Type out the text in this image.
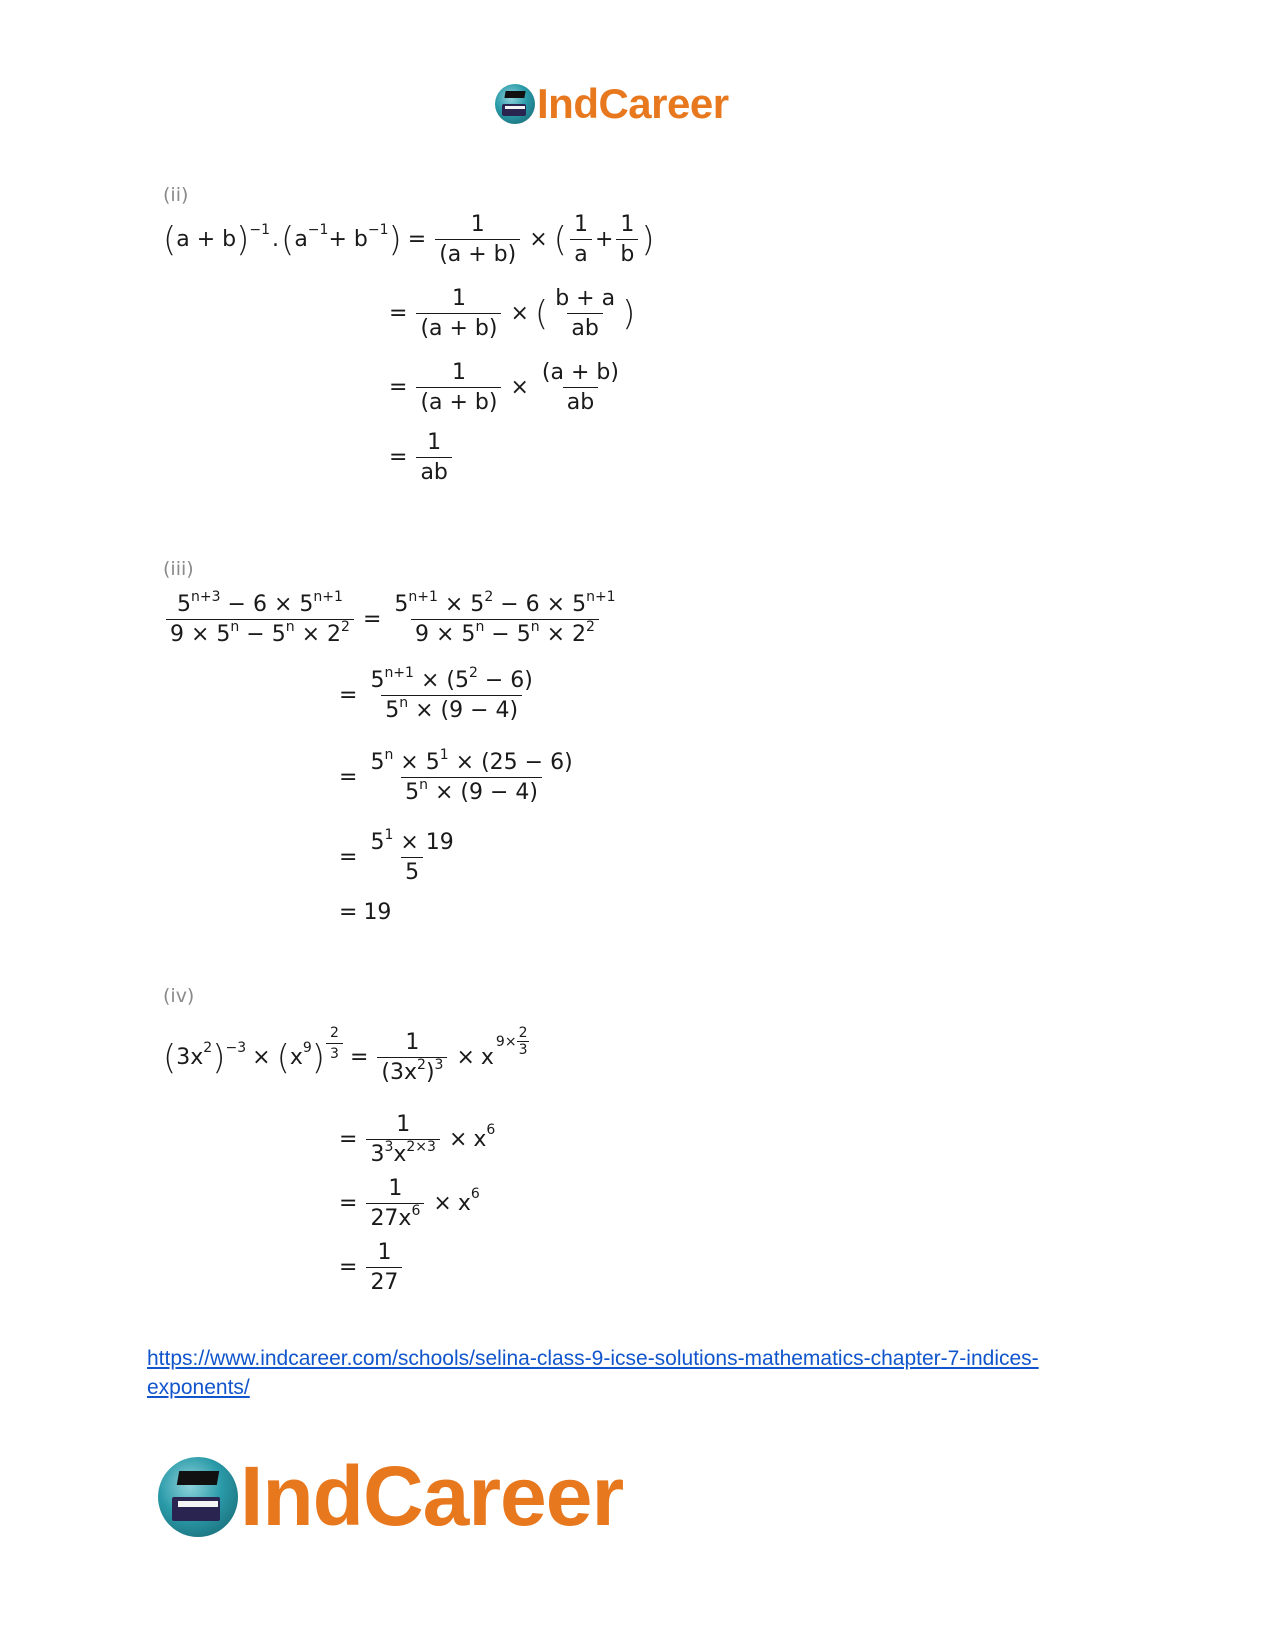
IndCareer
(ii)
( a + b ) −1 . ( a −1 + b −1 ) = $\frac{1}{(a + b)}$ × ( $\frac{1}{a} + \frac{1}{b}$ )
= $\frac{1}{(a + b)}$ × ( $\frac{b + a}{ab}$ )
= $\frac{1}{(a + b)} \times \frac{(a + b)}{ab}$
= $\frac{1}{ab}$
(iii)
$\frac{5^{n+3} - 6 \times 5^{n+1}}{9 \times 5^n - 5^n \times 2^2} = \frac{5^{n+1} \times 5^2 - 6 \times 5^{n+1}}{9 \times 5^n - 5^n \times 2^2}$
= $\frac{5^{n+1} \times (5^2 - 6)}{5^n \times (9 - 4)}$
= $\frac{5^n \times 5^1 \times (25 - 6)}{5^n \times (9 - 4)}$
= $\frac{5^1 \times 19}{5}$
= 19
(iv)
( 3x 2 ) −3 × ( x 9 ) $\frac{2}{3} = \frac{1}{(3x^2)^3} \times x$
$9\times \frac{2}{3}$
= $\frac{1}{3^3x^{2\times 3}} \times x$ 6
= $\frac{1}{27x^6} \times x$ 6
= $\frac{1}{27}$
https://www.indcareer.com/schools/selina-class-9-icse-solutions-mathematics-chapter-7-indices-
exponents/
IndCareer
